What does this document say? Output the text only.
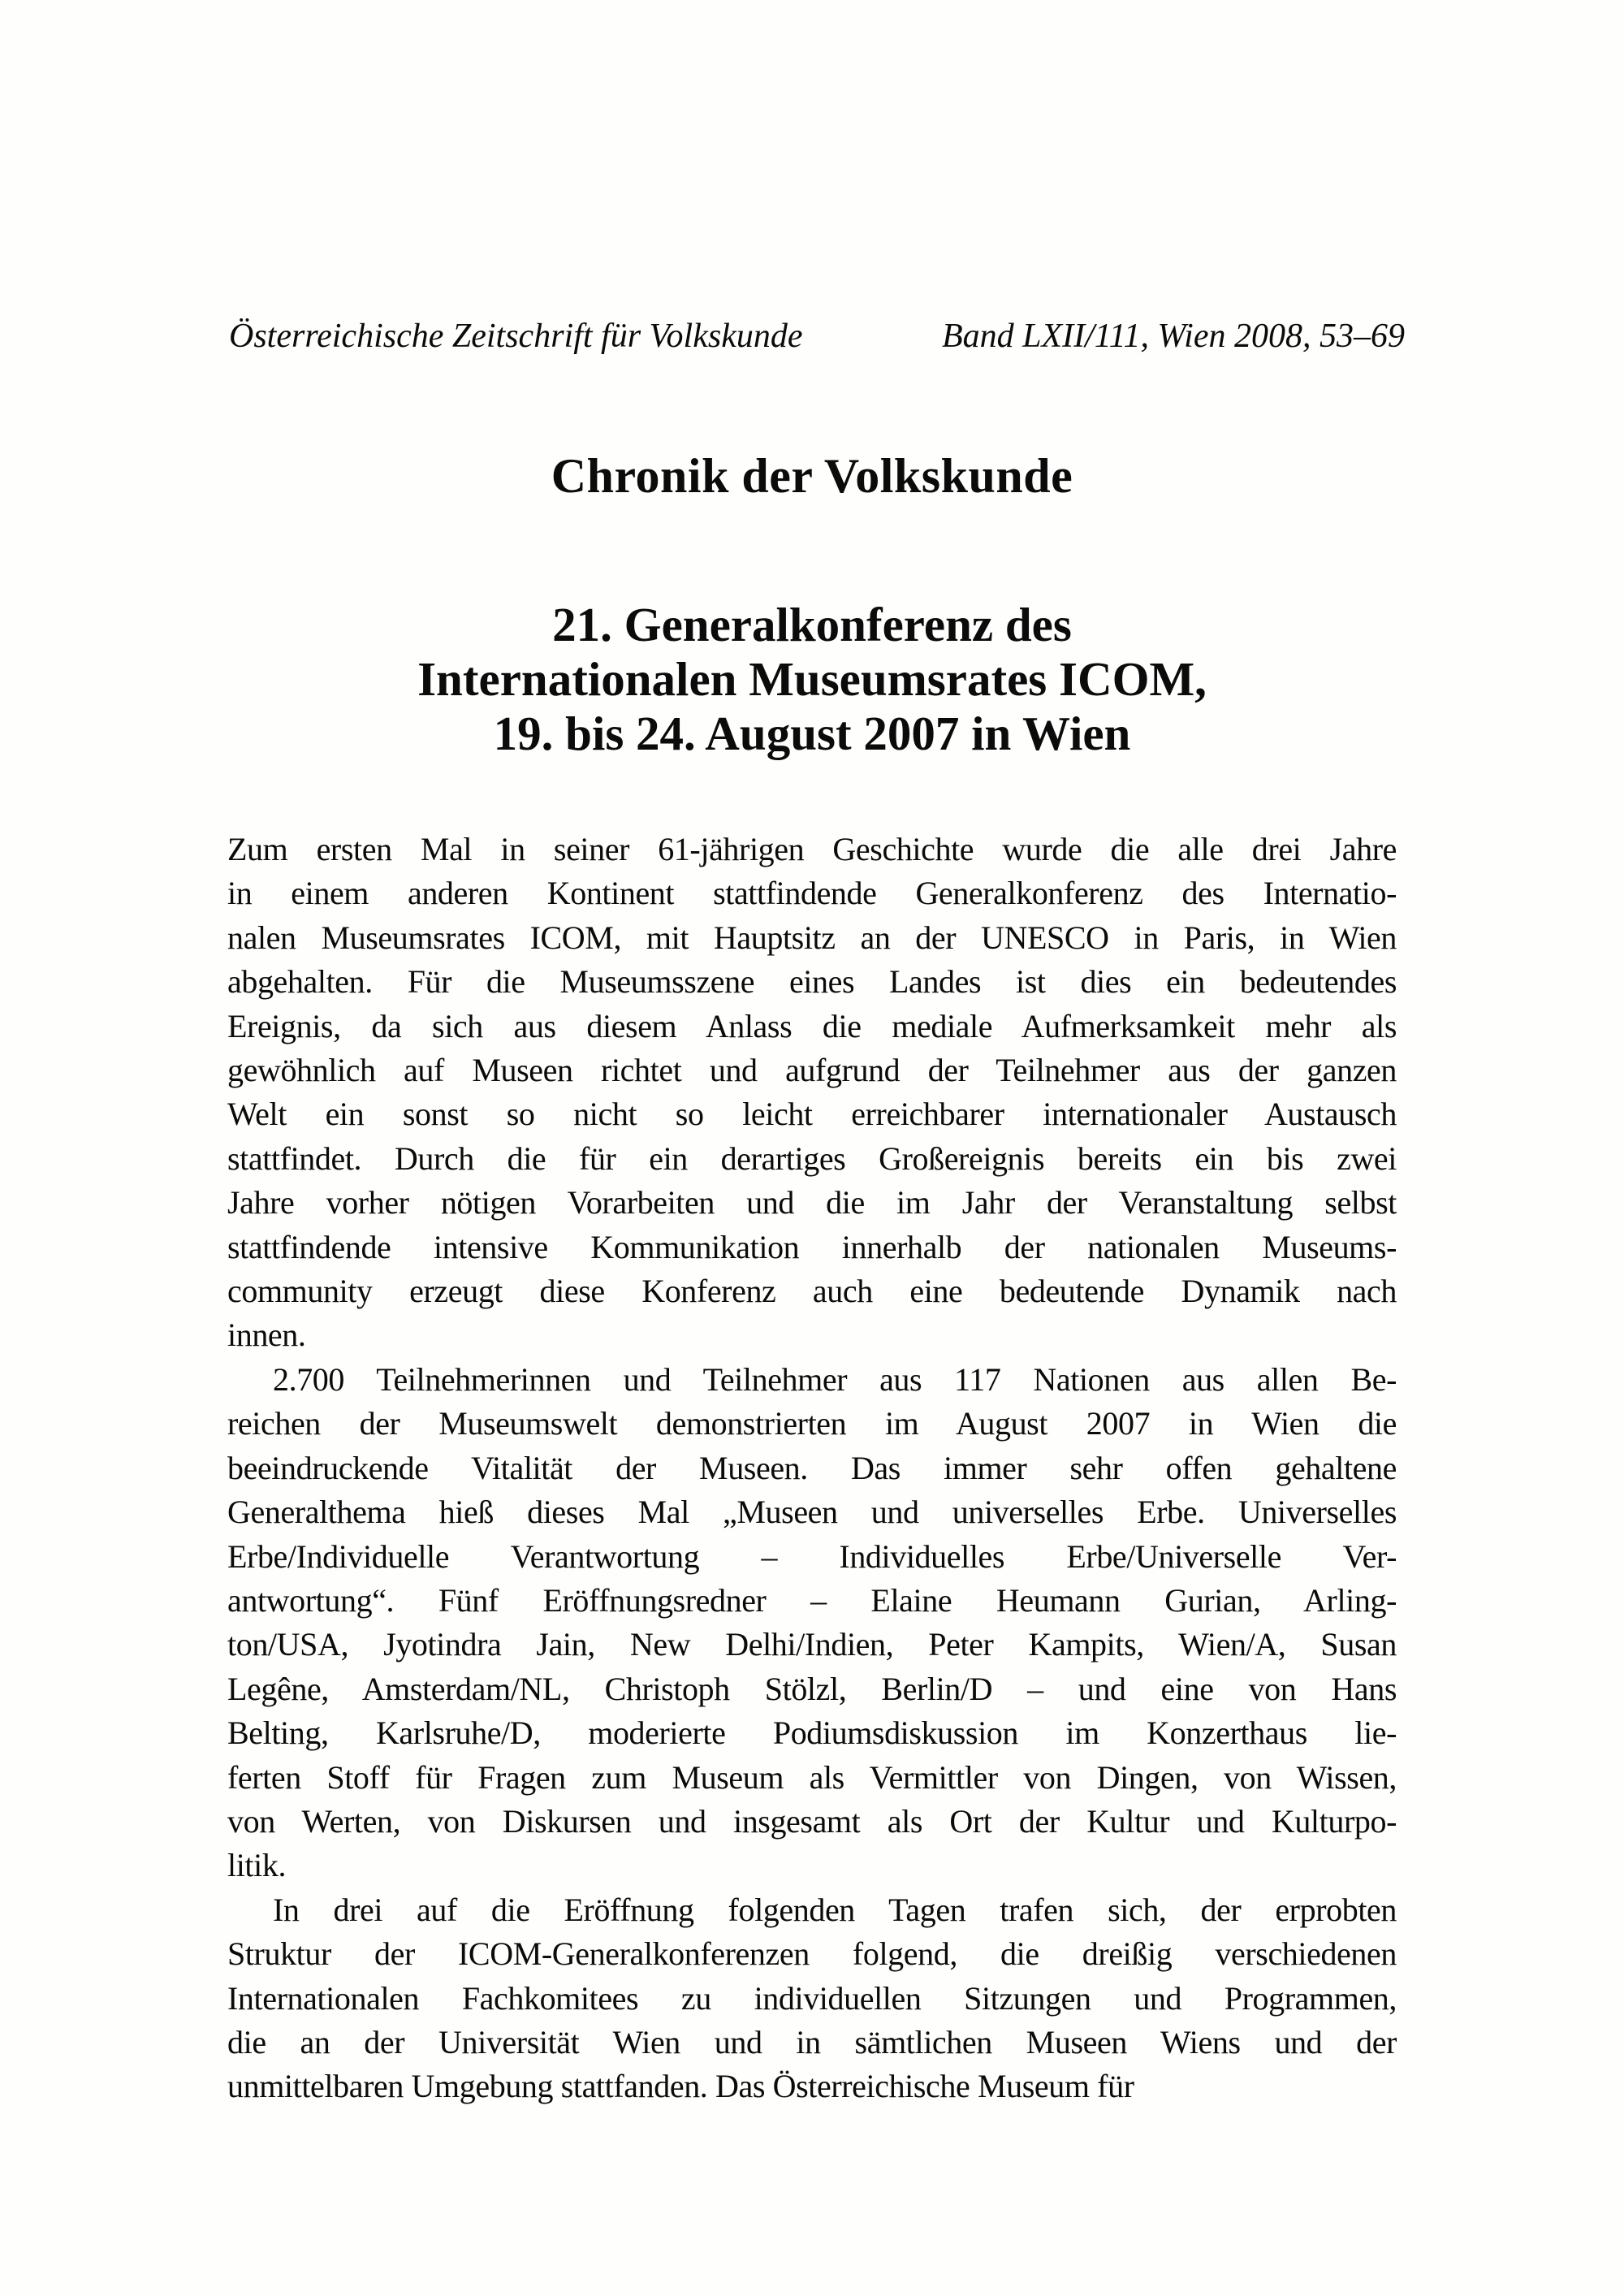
Österreichische Zeitschrift für Volkskunde	Band LXII/111, Wien 2008, 53–69
Chronik der Volkskunde
21. Generalkonferenz des
Internationalen Museumsrates ICOM,
19. bis 24. August 2007 in Wien
Zum ersten Mal in seiner 61-jährigen Geschichte wurde die alle drei Jahre
in einem anderen Kontinent stattfindende Generalkonferenz des Internatio-
nalen Museumsrates ICOM, mit Hauptsitz an der UNESCO in Paris, in Wien
abgehalten. Für die Museumsszene eines Landes ist dies ein bedeutendes
Ereignis, da sich aus diesem Anlass die mediale Aufmerksamkeit mehr als
gewöhnlich auf Museen richtet und aufgrund der Teilnehmer aus der ganzen
Welt ein sonst so nicht so leicht erreichbarer internationaler Austausch
stattfindet. Durch die für ein derartiges Großereignis bereits ein bis zwei
Jahre vorher nötigen Vorarbeiten und die im Jahr der Veranstaltung selbst
stattfindende intensive Kommunikation innerhalb der nationalen Museums-
community erzeugt diese Konferenz auch eine bedeutende Dynamik nach
innen.
2.700 Teilnehmerinnen und Teilnehmer aus 117 Nationen aus allen Be-
reichen der Museumswelt demonstrierten im August 2007 in Wien die
beeindruckende Vitalität der Museen. Das immer sehr offen gehaltene
Generalthema hieß dieses Mal „Museen und universelles Erbe. Universelles
Erbe/Individuelle Verantwortung – Individuelles Erbe/Universelle Ver-
antwortung“. Fünf Eröffnungsredner – Elaine Heumann Gurian, Arling-
ton/USA, Jyotindra Jain, New Delhi/Indien, Peter Kampits, Wien/A, Susan
Legêne, Amsterdam/NL, Christoph Stölzl, Berlin/D – und eine von Hans
Belting, Karlsruhe/D, moderierte Podiumsdiskussion im Konzerthaus lie-
ferten Stoff für Fragen zum Museum als Vermittler von Dingen, von Wissen,
von Werten, von Diskursen und insgesamt als Ort der Kultur und Kulturpo-
litik.
In drei auf die Eröffnung folgenden Tagen trafen sich, der erprobten
Struktur der ICOM-Generalkonferenzen folgend, die dreißig verschiedenen
Internationalen Fachkomitees zu individuellen Sitzungen und Programmen,
die an der Universität Wien und in sämtlichen Museen Wiens und der
unmittelbaren Umgebung stattfanden. Das Österreichische Museum für
